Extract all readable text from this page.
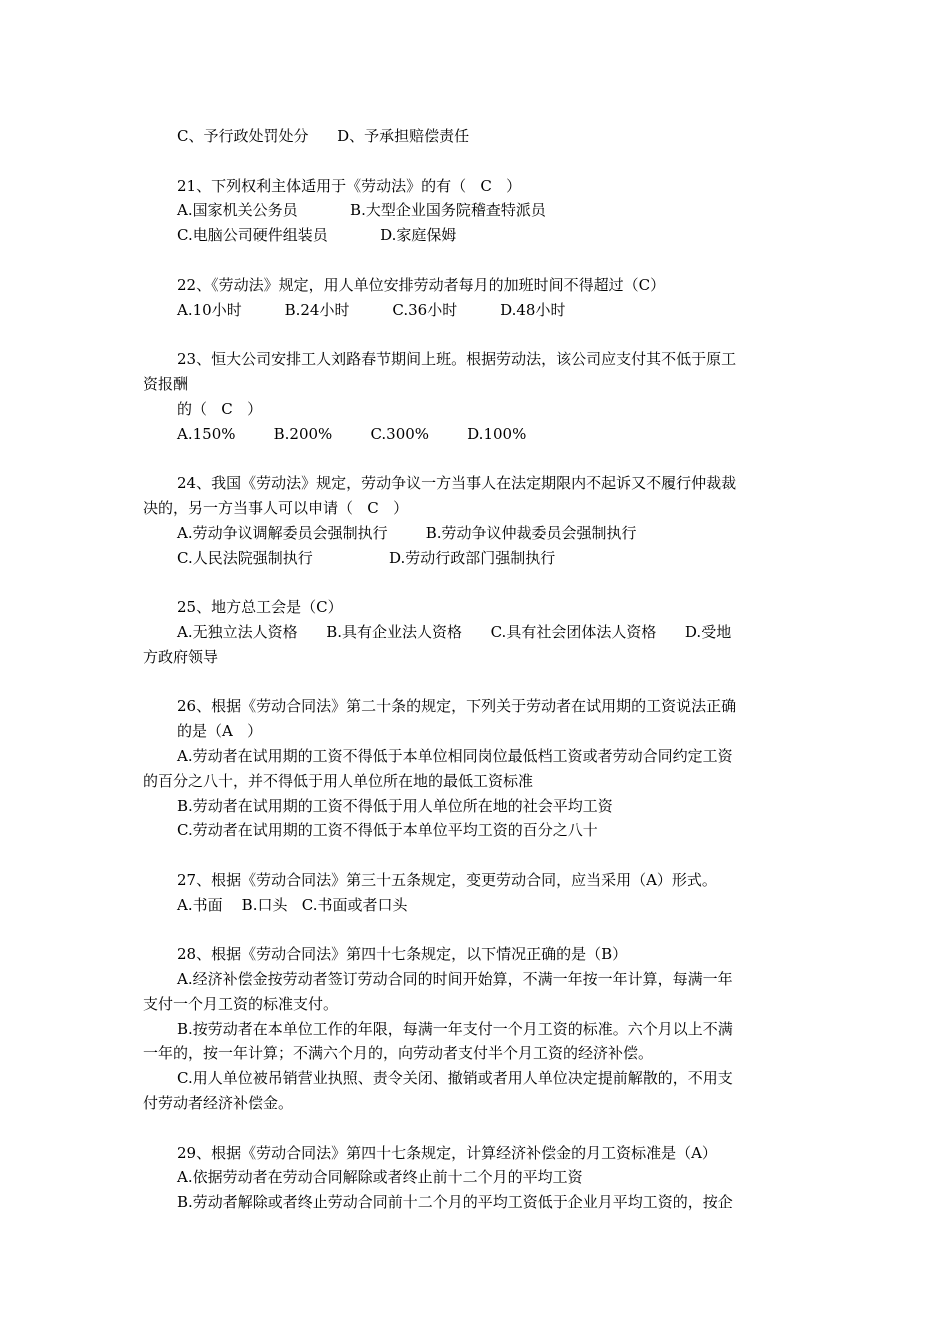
C、予行政处罚处分      D、予承担赔偿责任
21、下列权利主体适用于《劳动法》的有（   C   ）
A.国家机关公务员           B.大型企业国务院稽查特派员
C.电脑公司硬件组装员           D.家庭保姆
22、《劳动法》规定，用人单位安排劳动者每月的加班时间不得超过（C）
A.10小时         B.24小时         C.36小时         D.48小时
23、恒大公司安排工人刘路春节期间上班。根据劳动法，该公司应支付其不低于原工
资报酬
的（   C   ）
A.150%        B.200%        C.300%        D.100%
24、我国《劳动法》规定，劳动争议一方当事人在法定期限内不起诉又不履行仲裁裁
决的，另一方当事人可以申请（   C   ）
A.劳动争议调解委员会强制执行        B.劳动争议仲裁委员会强制执行
C.人民法院强制执行                D.劳动行政部门强制执行
25、地方总工会是（C）
A.无独立法人资格      B.具有企业法人资格      C.具有社会团体法人资格      D.受地
方政府领导
26、根据《劳动合同法》第二十条的规定，下列关于劳动者在试用期的工资说法正确
的是（A   ）
A.劳动者在试用期的工资不得低于本单位相同岗位最低档工资或者劳动合同约定工资
的百分之八十，并不得低于用人单位所在地的最低工资标准
B.劳动者在试用期的工资不得低于用人单位所在地的社会平均工资
C.劳动者在试用期的工资不得低于本单位平均工资的百分之八十
27、根据《劳动合同法》第三十五条规定，变更劳动合同，应当采用（A）形式。
A.书面    B.口头   C.书面或者口头
28、根据《劳动合同法》第四十七条规定，以下情况正确的是（B）
A.经济补偿金按劳动者签订劳动合同的时间开始算，不满一年按一年计算，每满一年
支付一个月工资的标准支付。
B.按劳动者在本单位工作的年限，每满一年支付一个月工资的标准。六个月以上不满
一年的，按一年计算；不满六个月的，向劳动者支付半个月工资的经济补偿。
C.用人单位被吊销营业执照、责令关闭、撤销或者用人单位决定提前解散的，不用支
付劳动者经济补偿金。
29、根据《劳动合同法》第四十七条规定，计算经济补偿金的月工资标准是（A）
A.依据劳动者在劳动合同解除或者终止前十二个月的平均工资
B.劳动者解除或者终止劳动合同前十二个月的平均工资低于企业月平均工资的，按企
